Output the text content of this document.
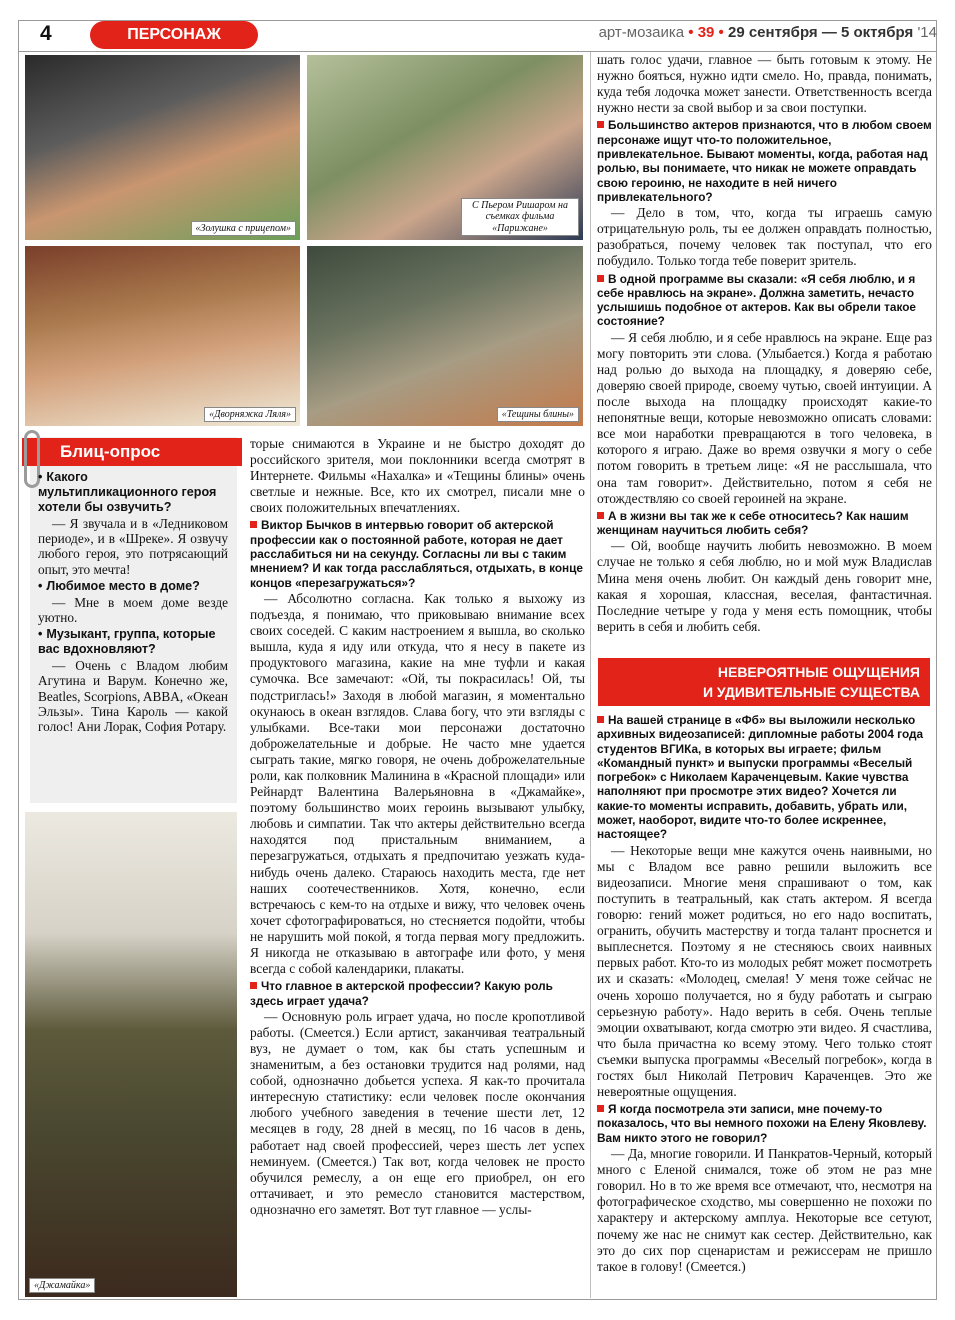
4	ПЕРСОНАЖ	арт-мозаика • 39 • 29 сентября — 5 октября '14
«Золушка с прицепом»
С Пьером Ришаром на съемках фильма «Парижане»
«Дворняжка Ляля»	«Тещины блины»
«Джамайка»
Блиц-опрос

• Какого мультипликационного героя хотели бы озвучить?

— Я звучала и в «Ледниковом периоде», и в «Шреке». Я озвучу любого героя, это потрясающий опыт, это мечта!

• Любимое место в доме?

— Мне в моем доме везде уютно.

• Музыкант, группа, которые вас вдохновляют?

— Очень с Владом любим Агутина и Варум. Конечно же, Beatles, Scorpions, ABBA, «Океан Эльзы». Тина Кароль — какой голос! Ани Лорак, София Ротару.

торые снимаются в Украине и не быстро доходят до российского зрителя, мои поклонники всегда смотрят в Интернете. Фильмы «Нахалка» и «Тещины блины» очень светлые и нежные. Все, кто их смотрел, писали мне о своих положительных впечатлениях.

Виктор Бычков в интервью говорит об актерской профессии как о постоянной работе, которая не дает расслабиться ни на секунду. Согласны ли вы с таким мнением? И как тогда расслабляться, отдыхать, в конце концов «перезагружаться»?

— Абсолютно согласна. Как только я выхожу из подъезда, я понимаю, что приковываю внимание всех своих соседей. С каким настроением я вышла, во сколько вышла, куда я иду или откуда, что я несу в пакете из продуктового магазина, какие на мне туфли и какая сумочка. Все замечают: «Ой, ты покрасилась! Ой, ты подстриглась!» Заходя в любой магазин, я моментально окунаюсь в океан взглядов. Слава богу, что эти взгляды с улыбками. Все-таки мои персонажи достаточно доброжелательные и добрые. Не часто мне удается сыграть такие, мягко говоря, не очень доброжелательные роли, как полковник Малинина в «Красной площади» или Рейнардт Валентина Валерьяновна в «Джамайке», поэтому большинство моих героинь вызывают улыбку, любовь и симпатии. Так что актеры действительно всегда находятся под пристальным вниманием, а перезагружаться, отдыхать я предпочитаю уезжать куда-нибудь очень далеко. Стараюсь находить места, где нет наших соотечественников. Хотя, конечно, если встречаюсь с кем-то на отдыхе и вижу, что человек очень хочет сфотографироваться, но стесняется подойти, чтобы не нарушить мой покой, я тогда первая могу предложить. Я никогда не отказываю в автографе или фото, у меня всегда с собой календарики, плакаты.

Что главное в актерской профессии? Какую роль здесь играет удача?

— Основную роль играет удача, но после кропотливой работы. (Смеется.) Если артист, заканчивая театральный вуз, не думает о том, как бы стать успешным и знаменитым, а без остановки трудится над ролями, над собой, однозначно добьется успеха. Я как-то прочитала интересную статистику: если человек после окончания любого учебного заведения в течение шести лет, 12 месяцев в году, 28 дней в месяц, по 16 часов в день, работает над своей профессией, через шесть лет успех неминуем. (Смеется.) Так вот, когда человек не просто обучился ремеслу, а он еще его приобрел, он его оттачивает, и это ремесло становится мастерством, однозначно его заметят. Вот тут главное — услы-

шать голос удачи, главное — быть готовым к этому. Не нужно бояться, нужно идти смело. Но, правда, понимать, куда тебя лодочка может занести. Ответственность всегда нужно нести за свой выбор и за свои поступки.

Большинство актеров признаются, что в любом своем персонаже ищут что-то положительное, привлекательное. Бывают моменты, когда, работая над ролью, вы понимаете, что никак не можете оправдать свою героиню, не находите в ней ничего привлекательного?

— Дело в том, что, когда ты играешь самую отрицательную роль, ты ее должен оправдать полностью, разобраться, почему человек так поступал, что его побудило. Только тогда тебе поверит зритель.

В одной программе вы сказали: «Я себя люблю, и я себе нравлюсь на экране». Должна заметить, нечасто услышишь подобное от актеров. Как вы обрели такое состояние?

— Я себя люблю, и я себе нравлюсь на экране. Еще раз могу повторить эти слова. (Улыбается.) Когда я работаю над ролью до выхода на площадку, я доверяю себе, доверяю своей природе, своему чутью, своей интуиции. А после выхода на площадку происходят какие-то непонятные вещи, которые невозможно описать словами: все мои наработки превращаются в того человека, в которого я играю. Даже во время озвучки я могу о себе потом говорить в третьем лице: «Я не расслышала, что она там говорит». Действительно, потом я себя не отождествляю со своей героиней на экране.

А в жизни вы так же к себе относитесь? Как нашим женщинам научиться любить себя?

— Ой, вообще научить любить невозможно. В моем случае не только я себя люблю, но и мой муж Владислав Мина меня очень любит. Он каждый день говорит мне, какая я хорошая, классная, веселая, фантастичная. Последние четыре у года у меня есть помощник, чтобы верить в себя и любить себя.

НЕВЕРОЯТНЫЕ ОЩУЩЕНИЯ
И УДИВИТЕЛЬНЫЕ СУЩЕСТВА

На вашей странице в «Фб» вы выложили несколько архивных видеозаписей: дипломные работы 2004 года студентов ВГИКа, в которых вы играете; фильм «Командный пункт» и выпуски программы «Веселый погребок» с Николаем Караченцевым. Какие чувства наполняют при просмотре этих видео? Хочется ли какие-то моменты исправить, добавить, убрать или, может, наоборот, видите что-то более искреннее, настоящее?

— Некоторые вещи мне кажутся очень наивными, но мы с Владом все равно решили выложить все видеозаписи. Многие меня спрашивают о том, как поступить в театральный, как стать актером. Я всегда говорю: гений может родиться, но его надо воспитать, огранить, обучить мастерству и тогда талант проснется и выплеснется. Поэтому я не стесняюсь своих наивных первых работ. Кто-то из молодых ребят может посмотреть их и сказать: «Молодец, смелая! У меня тоже сейчас не очень хорошо получается, но я буду работать и сыграю серьезную работу». Надо верить в себя. Очень теплые эмоции охватывают, когда смотрю эти видео. Я счастлива, что была причастна ко всему этому. Чего только стоят съемки выпуска программы «Веселый погребок», когда в гостях был Николай Петрович Караченцев. Это же невероятные ощущения.

Я когда посмотрела эти записи, мне почему-то показалось, что вы немного похожи на Елену Яковлеву. Вам никто этого не говорил?

— Да, многие говорили. И Панкратов-Черный, который много с Еленой снимался, тоже об этом не раз мне говорил. Но в то же время все отмечают, что, несмотря на фотографическое сходство, мы совершенно не похожи по характеру и актерскому амплуа. Некоторые все сетуют, почему же нас не снимут как сестер. Действительно, как это до сих пор сценаристам и режиссерам не пришло такое в голову! (Смеется.)
